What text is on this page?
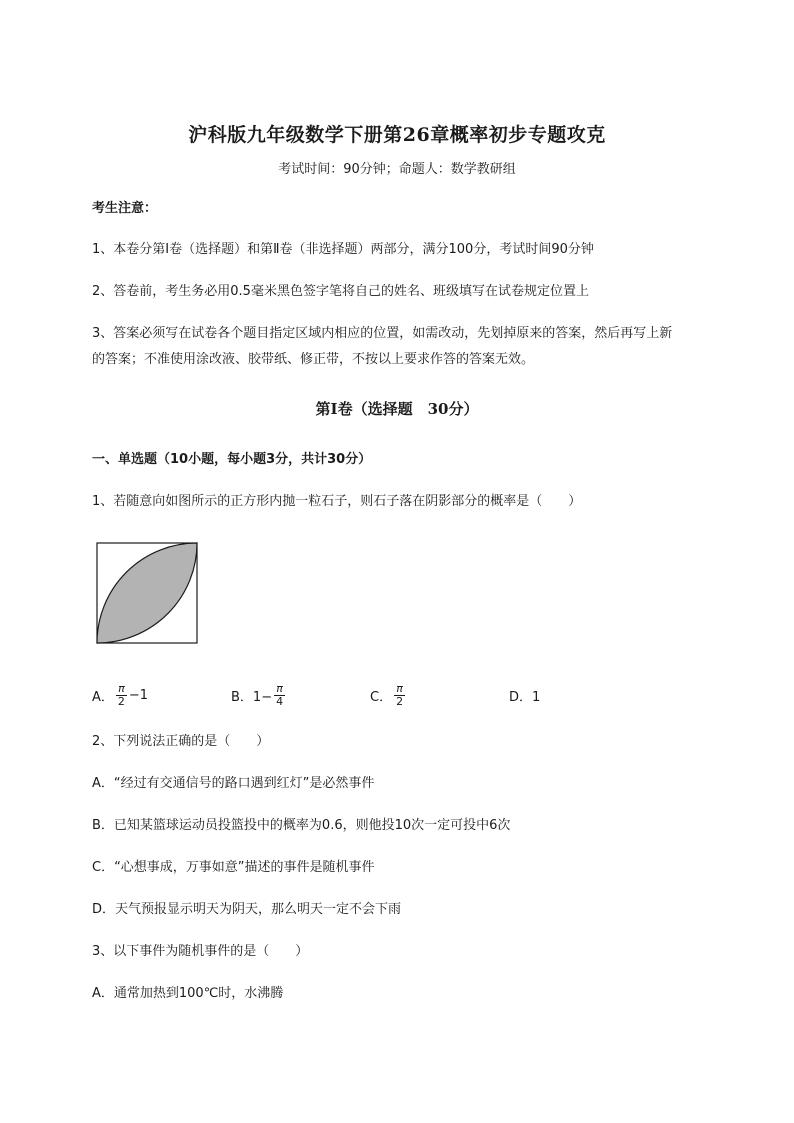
沪科版九年级数学下册第26章概率初步专题攻克
考试时间：90分钟；命题人：数学教研组
考生注意：
1、本卷分第I卷（选择题）和第Ⅱ卷（非选择题）两部分，满分100分，考试时间90分钟
2、答卷前，考生务必用0.5毫米黑色签字笔将自己的姓名、班级填写在试卷规定位置上
3、答案必须写在试卷各个题目指定区域内相应的位置，如需改动，先划掉原来的答案，然后再写上新
的答案；不准使用涂改液、胶带纸、修正带，不按以上要求作答的答案无效。
第I卷（选择题　30分）
一、单选题（10小题，每小题3分，共计30分）
1、若随意向如图所示的正方形内抛一粒石子，则石子落在阴影部分的概率是（　　）
A． $\frac{\pi}{2} -1$	B．$1- \frac{\pi}{4}$	C． $\frac{\pi}{2}$	D．1
2、下列说法正确的是（　　）
A．“经过有交通信号的路口遇到红灯”是必然事件
B．已知某篮球运动员投篮投中的概率为0.6，则他投10次一定可投中6次
C．“心想事成，万事如意”描述的事件是随机事件
D．天气预报显示明天为阴天，那么明天一定不会下雨
3、以下事件为随机事件的是（　　）
A．通常加热到100℃时，水沸腾
